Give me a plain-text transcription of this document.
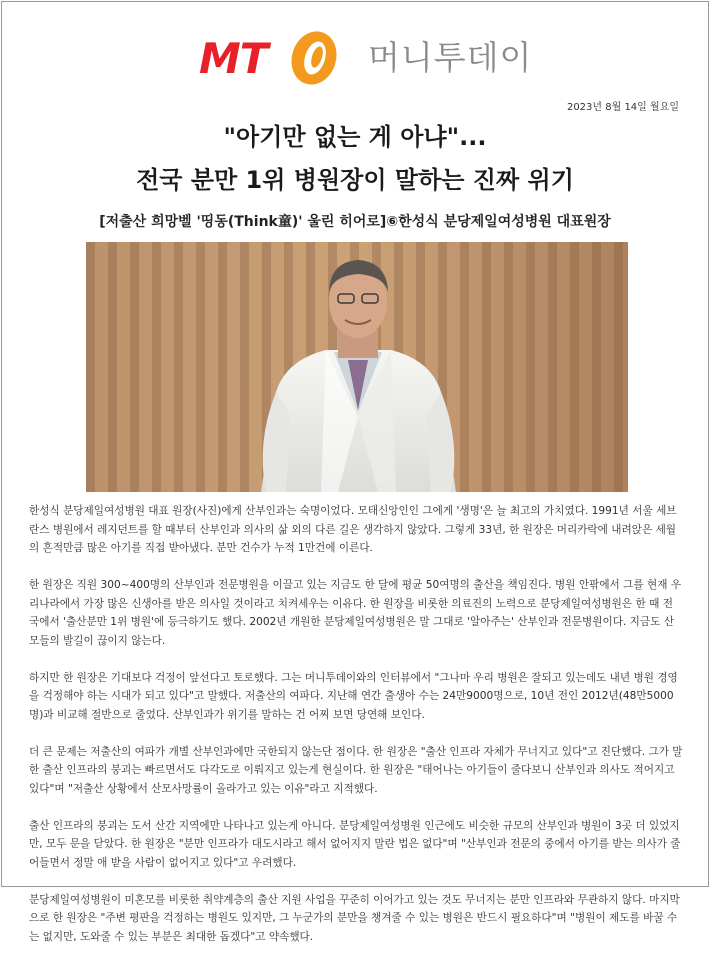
MT	머니투데이
2023년 8월 14일 월요일
"아기만 없는 게 아냐"...
전국 분만 1위 병원장이 말하는 진짜 위기
[저출산 희망벨 '띵동(Think童)' 울린 히어로]⑥한성식 분당제일여성병원 대표원장

한성식 분당제일여성병원 대표 원장(사진)에게 산부인과는 숙명이었다. 모태신앙인인 그에게 '생명'은 늘 최고의 가치였다. 1991년 서울 세브란스 병원에서 레지던트를 할 때부터 산부인과 의사의 삶 외의 다른 길은 생각하지 않았다. 그렇게 33년, 한 원장은 머리카락에 내려앉은 세월의 흔적만큼 많은 아기를 직접 받아냈다. 분만 건수가 누적 1만건에 이른다.

한 원장은 직원 300~400명의 산부인과 전문병원을 이끌고 있는 지금도 한 달에 평균 50여명의 출산을 책임진다. 병원 안팎에서 그를 현재 우리나라에서 가장 많은 신생아를 받은 의사일 것이라고 치켜세우는 이유다. 한 원장을 비롯한 의료진의 노력으로 분당제일여성병원은 한 때 전국에서 '출산분만 1위 병원'에 등극하기도 했다. 2002년 개원한 분당제일여성병원은 말 그대로 '알아주는' 산부인과 전문병원이다. 지금도 산모들의 발길이 끊이지 않는다.

하지만 한 원장은 기대보다 걱정이 앞선다고 토로했다. 그는 머니투데이와의 인터뷰에서 "그나마 우리 병원은 잘되고 있는데도 내년 병원 경영을 걱정해야 하는 시대가 되고 있다"고 말했다. 저출산의 여파다. 지난해 연간 출생아 수는 24만9000명으로, 10년 전인 2012년(48만5000명)과 비교해 절반으로 줄었다. 산부인과가 위기를 말하는 건 어찌 보면 당연해 보인다.

더 큰 문제는 저출산의 여파가 개별 산부인과에만 국한되지 않는단 점이다. 한 원장은 "출산 인프라 자체가 무너지고 있다"고 진단했다. 그가 말한 출산 인프라의 붕괴는 빠르면서도 다각도로 이뤄지고 있는게 현실이다. 한 원장은 "태어나는 아기들이 줄다보니 산부인과 의사도 적어지고 있다"며 "저출산 상황에서 산모사망률이 올라가고 있는 이유"라고 지적했다.

출산 인프라의 붕괴는 도서 산간 지역에만 나타나고 있는게 아니다. 분당제일여성병원 인근에도 비슷한 규모의 산부인과 병원이 3곳 더 있었지만, 모두 문을 닫았다. 한 원장은 "분만 인프라가 대도시라고 해서 없어지지 말란 법은 없다"며 "산부인과 전문의 중에서 아기를 받는 의사가 줄어들면서 정말 애 받을 사람이 없어지고 있다"고 우려했다.

분당제일여성병원이 미혼모를 비롯한 취약계층의 출산 지원 사업을 꾸준히 이어가고 있는 것도 무너지는 분만 인프라와 무관하지 않다. 마지막으로 한 원장은 "주변 평판을 걱정하는 병원도 있지만, 그 누군가의 분만을 챙겨줄 수 있는 병원은 반드시 필요하다"며 "병원이 제도를 바꿀 수는 없지만, 도와줄 수 있는 부분은 최대한 돕겠다"고 약속했다.
